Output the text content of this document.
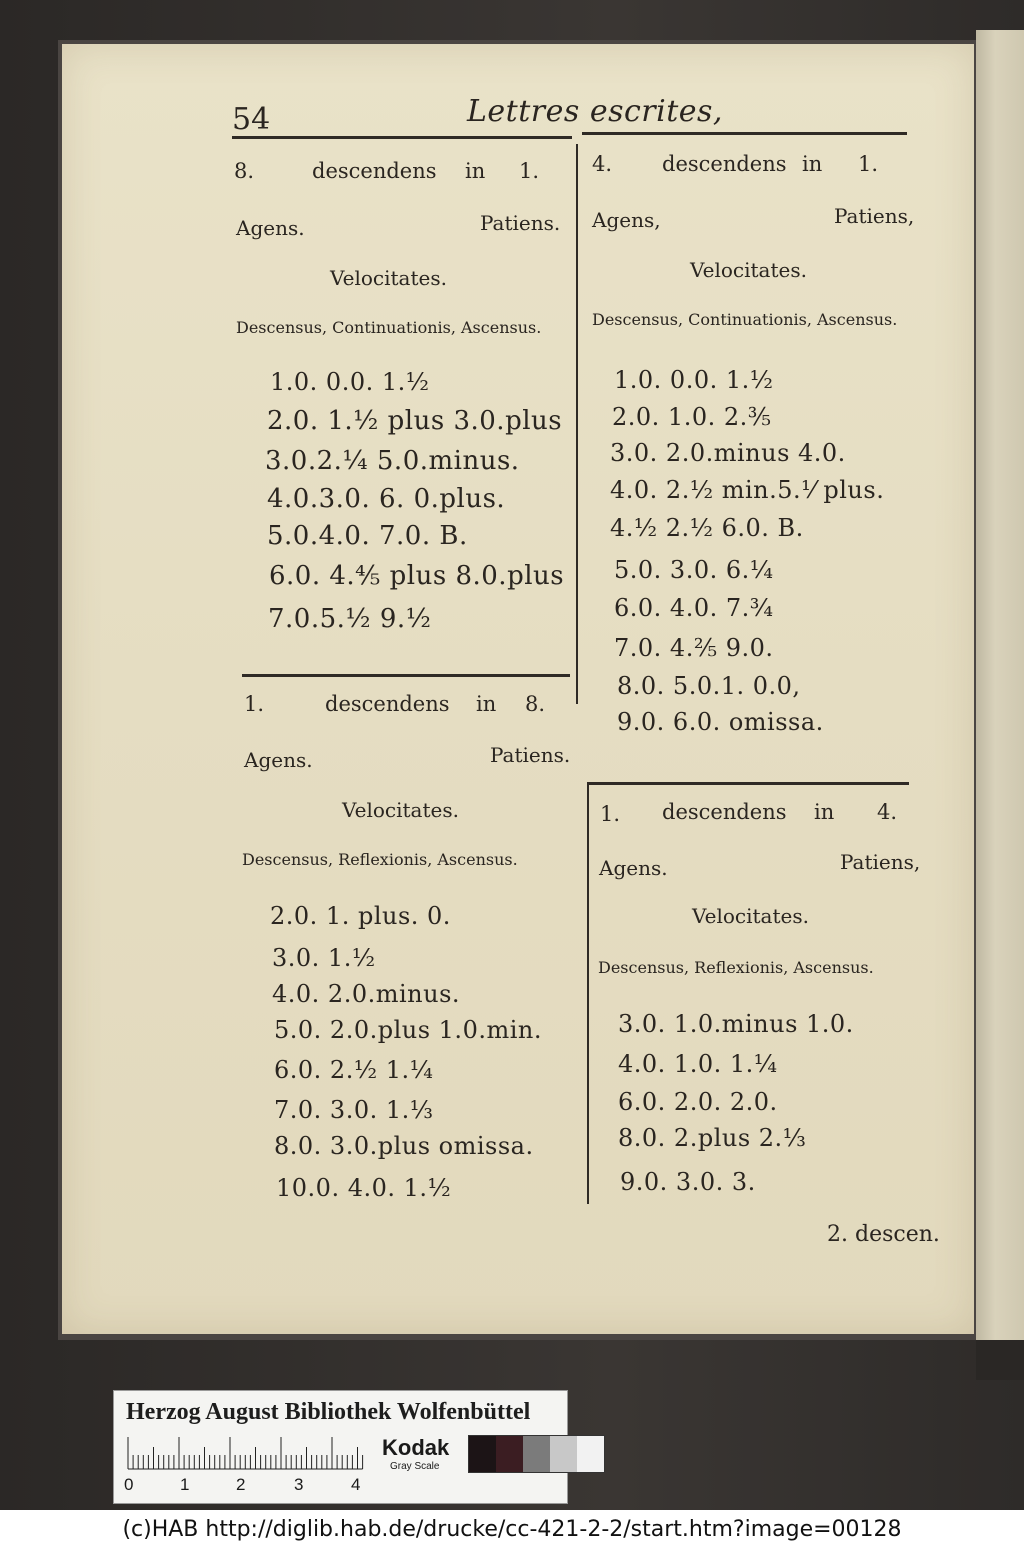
54	Lettres escrites,
8.	descendens in 1.
Agens.	Patiens.
Velocitates.
Descensus, Continuationis, Ascensus.
1.0. 0.0. 1.½
2.0. 1.½ plus 3.0.plus
3.0.2.¼ 5.0.minus.
4.0.3.0. 6. 0.plus.
5.0.4.0. 7.0. B.
6.0. 4.⅘ plus 8.0.plus
7.0.5.½ 9.½
1.	descendens in 8.
Agens.	Patiens.
Velocitates.
Descensus, Reflexionis, Ascensus.
2.0. 1. plus. 0.
3.0. 1.½
4.0. 2.0.minus.
5.0. 2.0.plus 1.0.min.
6.0. 2.½ 1.¼
7.0. 3.0. 1.⅓
8.0. 3.0.plus omissa.
10.0. 4.0. 1.½
4. descendens in 1.
Agens,	Patiens,
Velocitates.
Descensus, Continuationis, Ascensus.
1.0. 0.0. 1.½
2.0. 1.0. 2.⅗
3.0. 2.0.minus 4.0.
4.0. 2.½ min.5.⅟ plus.
4.½ 2.½ 6.0. B.
5.0. 3.0. 6.¼
6.0. 4.0. 7.¾
7.0. 4.⅖ 9.0.
8.0. 5.0.1. 0.0,
9.0. 6.0. omissa.
1. descendens in 4.
Agens.	Patiens,
Velocitates.
Descensus, Reflexionis, Ascensus.
3.0. 1.0.minus 1.0.
4.0. 1.0. 1.¼
6.0. 2.0. 2.0.
8.0. 2.plus 2.⅓
9.0. 3.0. 3.
2. descen.
Herzog August Bibliothek Wolfenbüttel
0	1	2	3	4
Kodak
Gray Scale
(c)HAB http://diglib.hab.de/drucke/cc-421-2-2/start.htm?image=00128
